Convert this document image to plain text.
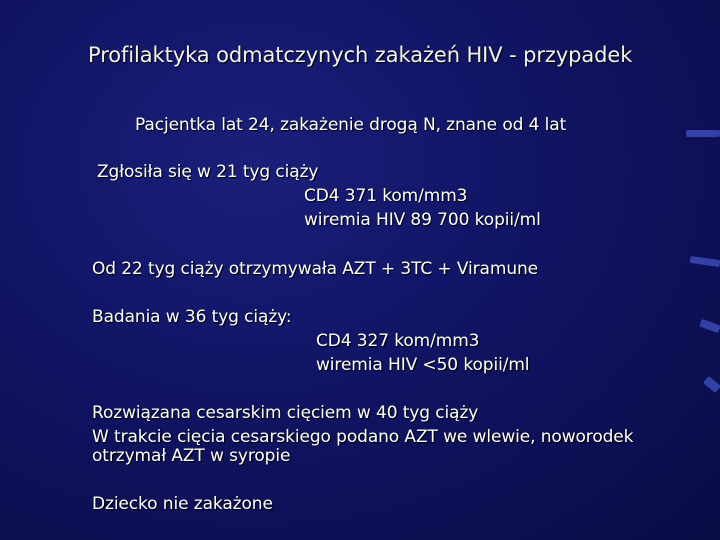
Profilaktyka odmatczynych zakażeń HIV - przypadek
Pacjentka lat 24, zakażenie drogą N, znane od 4 lat
Zgłosiła się w 21 tyg ciąży
CD4 371 kom/mm3
wiremia HIV 89 700 kopii/ml
Od 22 tyg ciąży otrzymywała AZT + 3TC + Viramune
Badania w 36 tyg ciąży:
CD4 327 kom/mm3
wiremia HIV <50 kopii/ml
Rozwiązana cesarskim cięciem w 40 tyg ciąży
W trakcie cięcia cesarskiego podano AZT we wlewie, noworodek
otrzymał AZT w syropie
Dziecko nie zakażone
